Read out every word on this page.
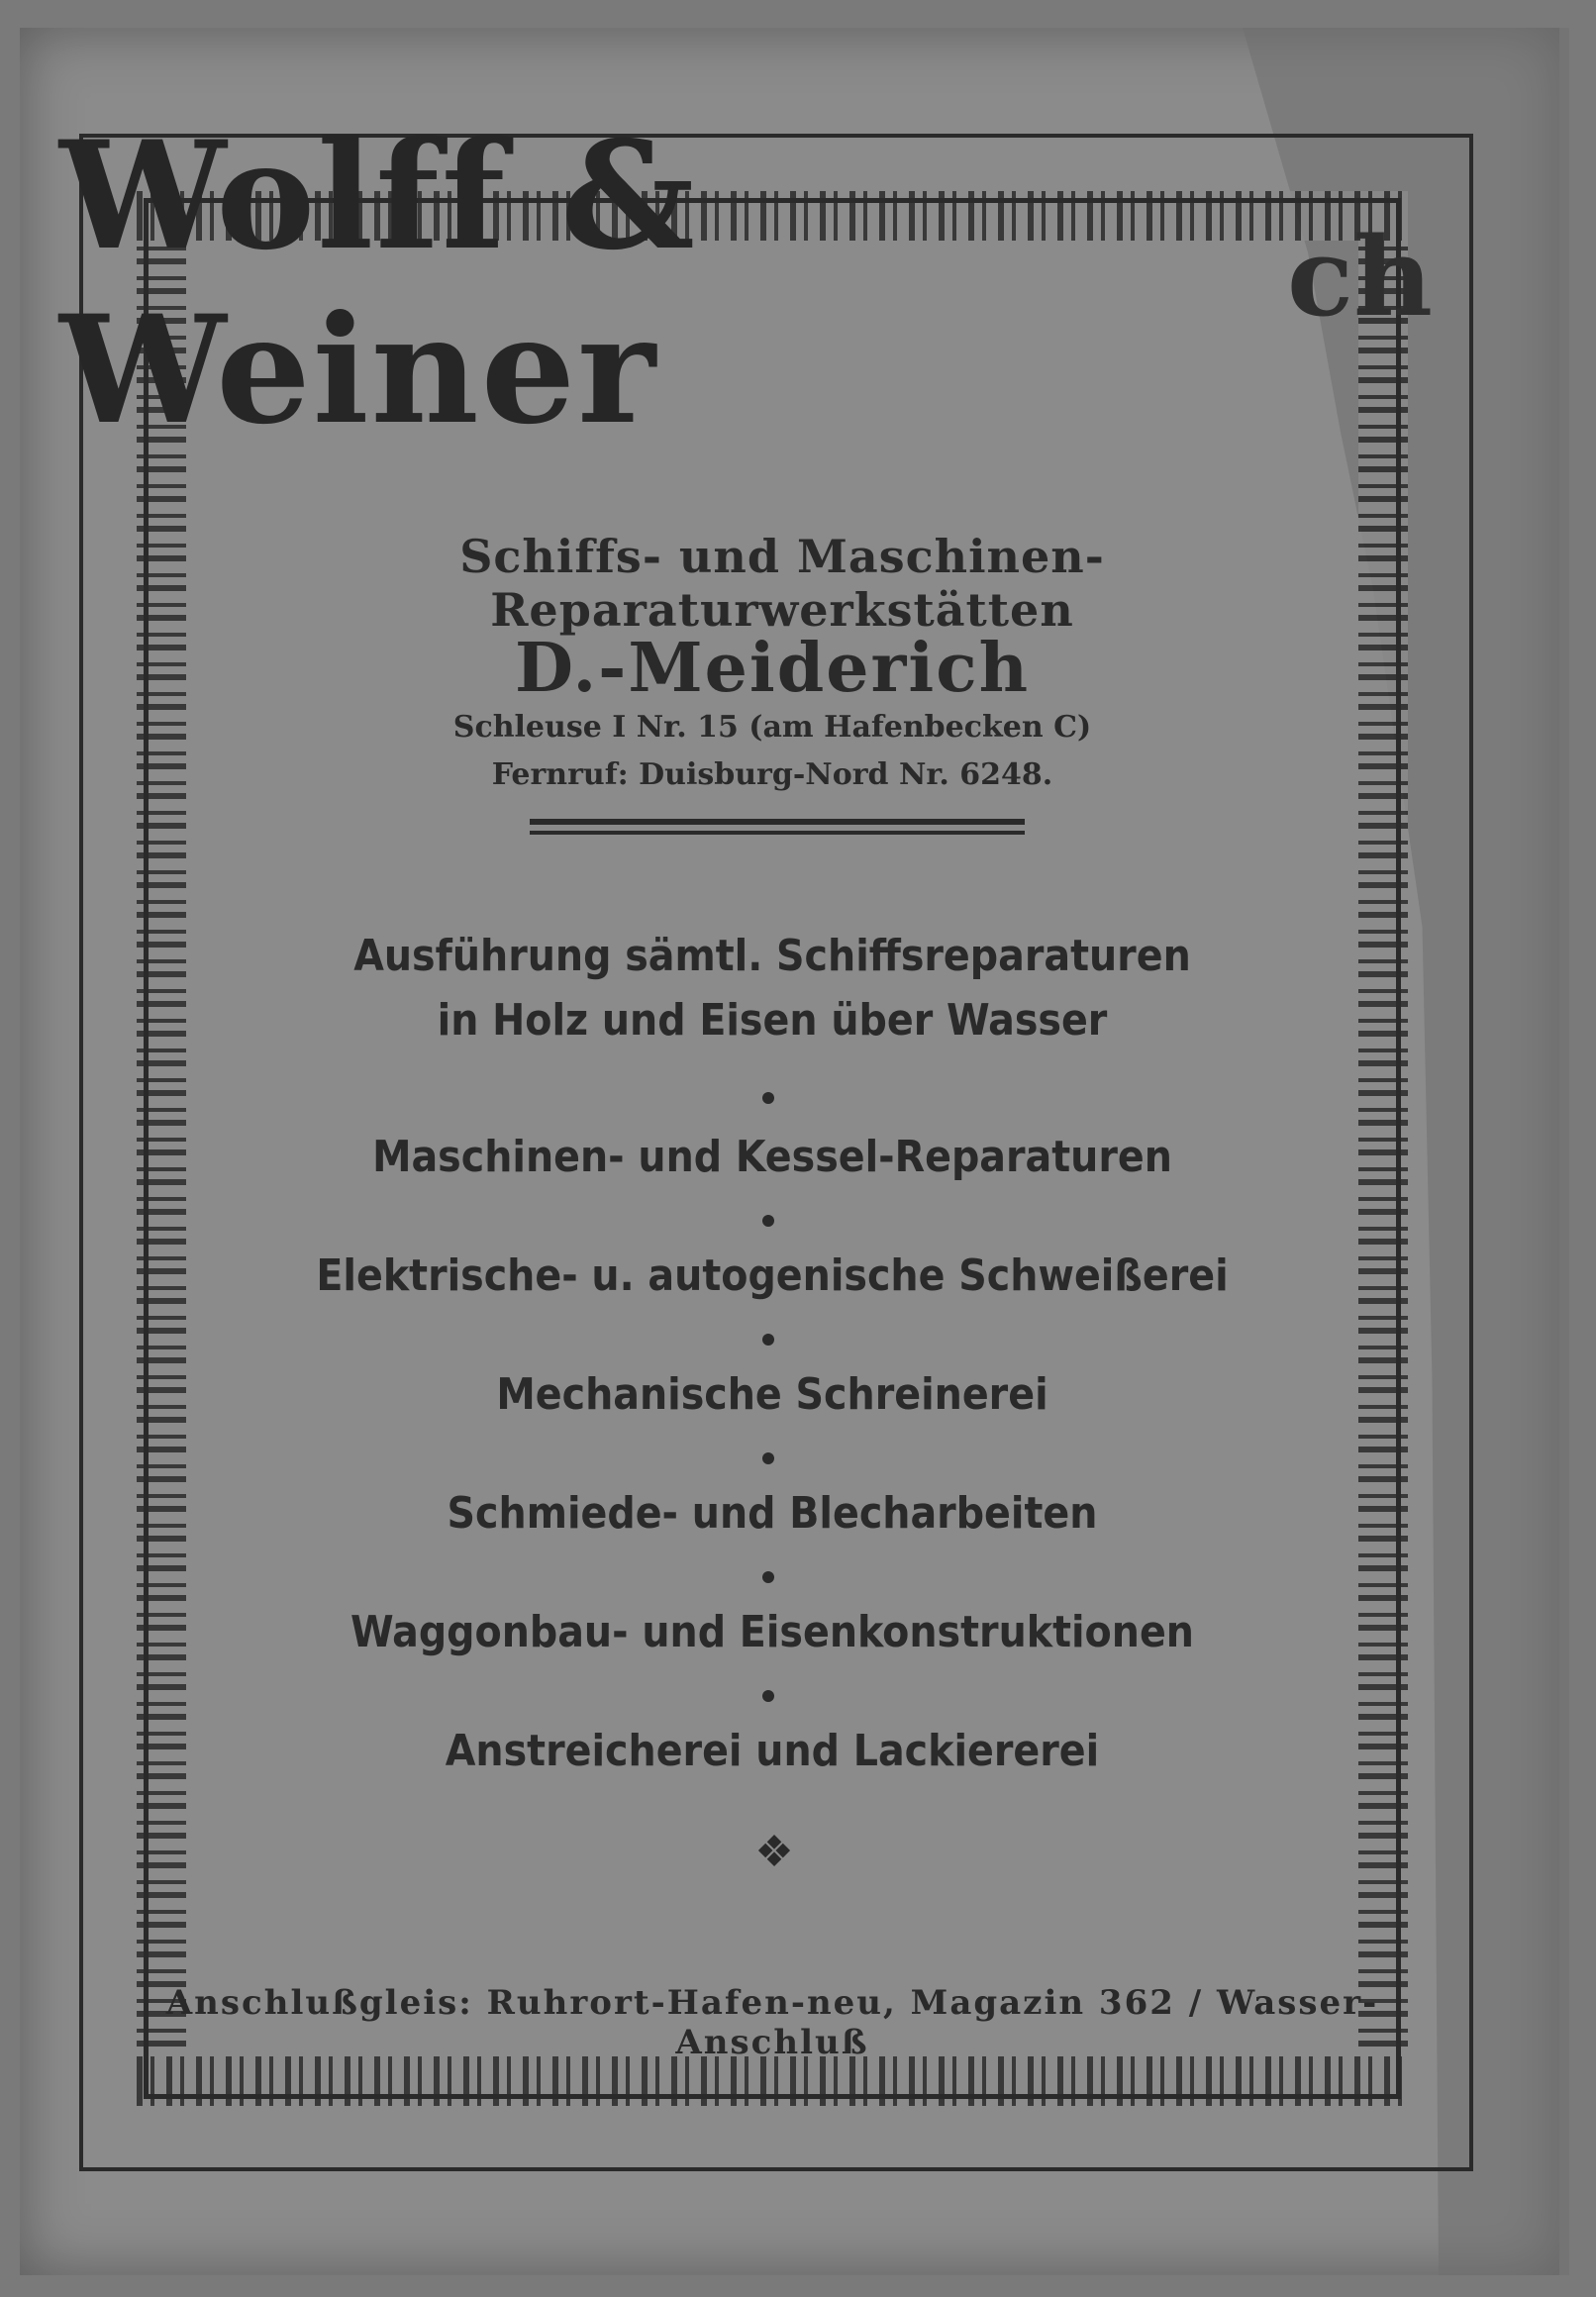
Wolff & Weiner
ch
Schiffs- und Maschinen-Reparaturwerkstätten
D.-Meiderich
Schleuse I Nr. 15 (am Hafenbecken C)
Fernruf: Duisburg-Nord Nr. 6248.
Ausführung sämtl. Schiffsreparaturen
in Holz und Eisen über Wasser
Maschinen- und Kessel-Reparaturen
Elektrische- u. autogenische Schweißerei
Mechanische Schreinerei
Schmiede- und Blecharbeiten
Waggonbau- und Eisenkonstruktionen
Anstreicherei und Lackiererei
❖
Anschlußgleis: Ruhrort-Hafen-neu, Magazin 362 / Wasser-Anschluß
